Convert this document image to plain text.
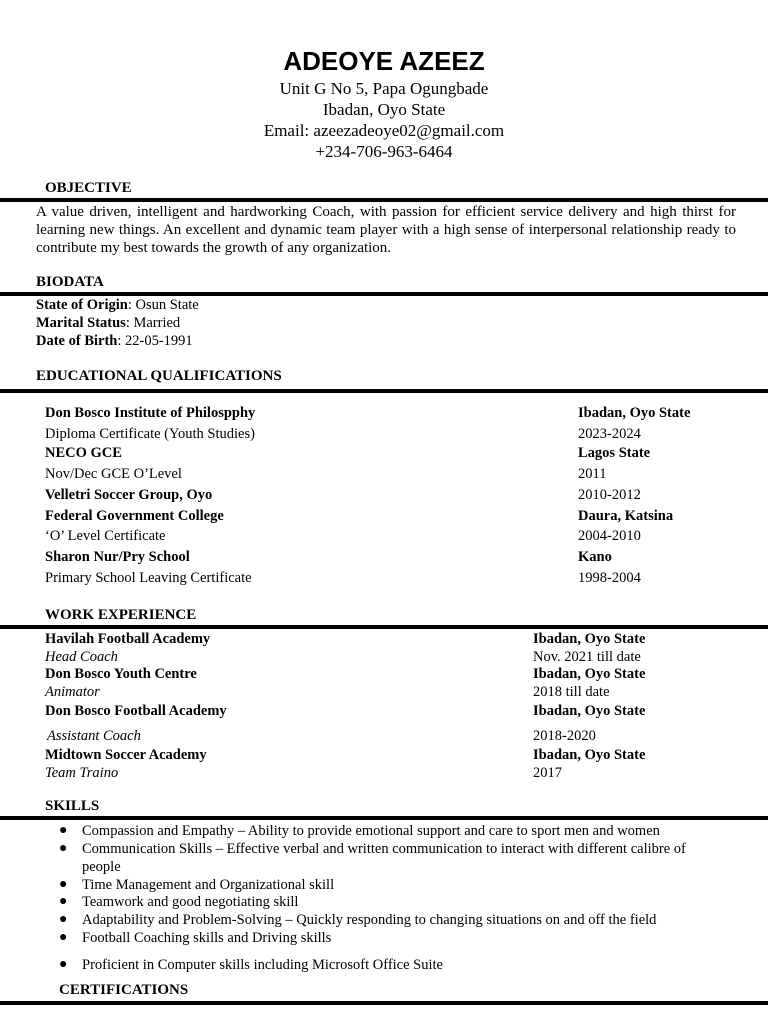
ADEOYE AZEEZ
Unit G No 5, Papa Ogungbade
Ibadan, Oyo State
Email: azeezadeoye02@gmail.com
+234-706-963-6464
OBJECTIVE
A value driven, intelligent and hardworking Coach, with passion for efficient service delivery and high thirst for learning new things. An excellent and dynamic team player with a high sense of interpersonal relationship ready to contribute my best towards the growth of any organization.
BIODATA
State of Origin: Osun State
Marital Status: Married
Date of Birth: 22-05-1991
EDUCATIONAL QUALIFICATIONS
Don Bosco Institute of Philospphy	Ibadan, Oyo State
Diploma Certificate (Youth Studies)	2023-2024
NECO GCE	Lagos State
Nov/Dec GCE O’Level	2011
Velletri Soccer Group, Oyo	2010-2012
Federal Government College	Daura, Katsina
‘O’ Level Certificate	2004-2010
Sharon Nur/Pry School	Kano
Primary School Leaving Certificate	1998-2004
WORK EXPERIENCE
Havilah Football Academy	Ibadan, Oyo State
Head Coach	Nov. 2021 till date
Don Bosco Youth Centre	Ibadan, Oyo State
Animator	2018 till date
Don Bosco Football Academy	Ibadan, Oyo State
Assistant Coach	2018-2020
Midtown Soccer Academy	Ibadan, Oyo State
Team Traino	2017
SKILLS
● Compassion and Empathy – Ability to provide emotional support and care to sport men and women
● Communication Skills – Effective verbal and written communication to interact with different calibre of people
● Time Management and Organizational skill
● Teamwork and good negotiating skill
● Adaptability and Problem-Solving – Quickly responding to changing situations on and off the field
● Football Coaching skills and Driving skills
● Proficient in Computer skills including Microsoft Office Suite
CERTIFICATIONS
